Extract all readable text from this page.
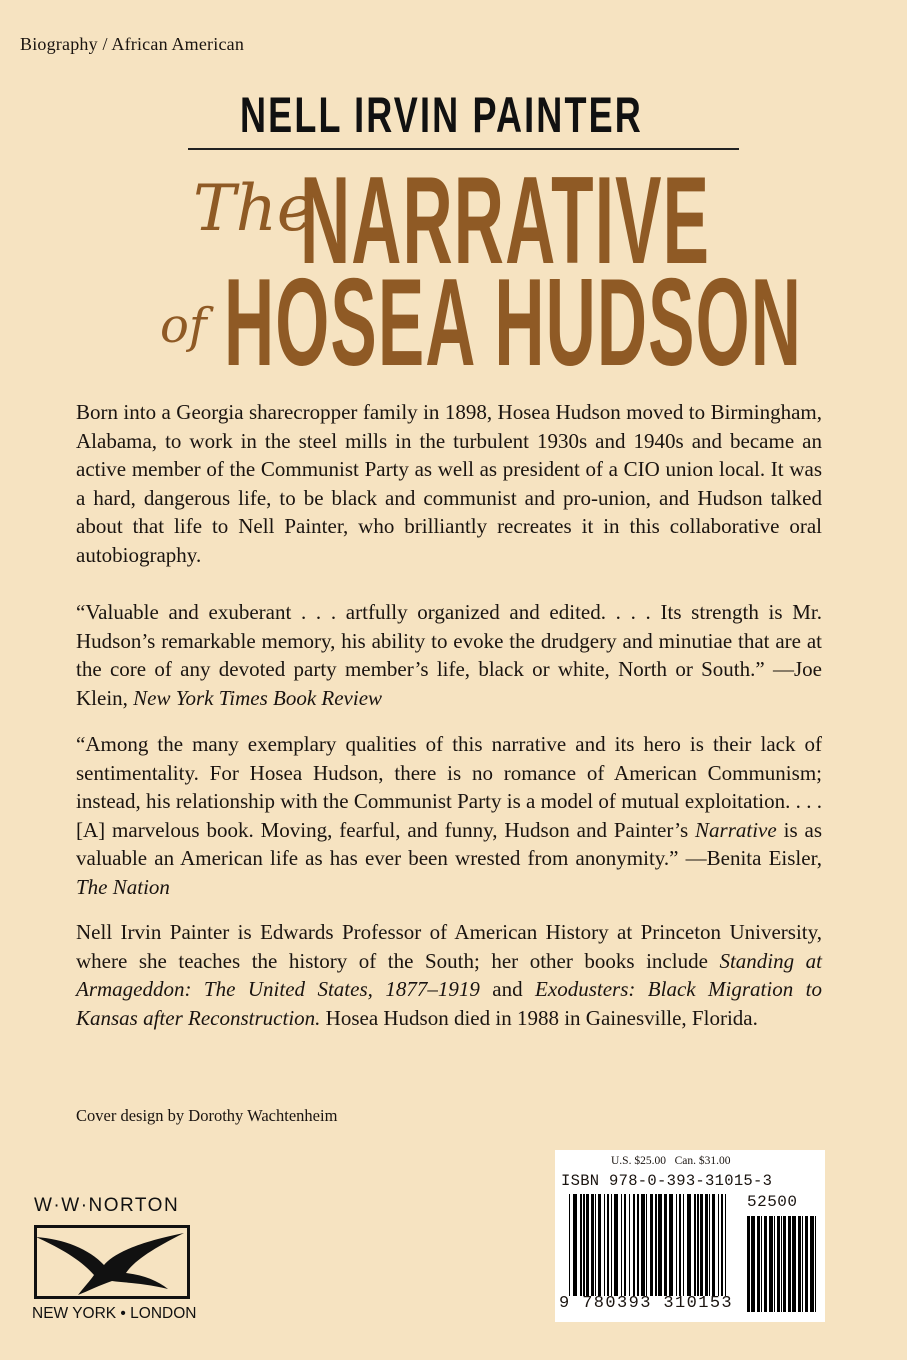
Biography / African American
NELL IRVIN PAINTER
The
NARRATIVE
of HOSEA HUDSON

Born into a Georgia sharecropper family in 1898, Hosea Hudson moved to Birmingham, Alabama, to work in the steel mills in the turbulent 1930s and 1940s and became an active member of the Communist Party as well as president of a CIO union local. It was a hard, dangerous life, to be black and communist and pro-union, and Hudson talked about that life to Nell Painter, who brilliantly recreates it in this collaborative oral autobiography.

“Valuable and exuberant . . . artfully organized and edited. . . . Its strength is Mr. Hudson’s remarkable memory, his ability to evoke the drudgery and minutiae that are at the core of any devoted party member’s life, black or white, North or South.” —Joe Klein, New York Times Book Review

“Among the many exemplary qualities of this narrative and its hero is their lack of sentimentality. For Hosea Hudson, there is no romance of American Communism; instead, his relationship with the Communist Party is a model of mutual exploitation. . . . [A] marvelous book. Moving, fearful, and funny, Hudson and Painter’s Narrative is as valuable an American life as has ever been wrested from anonymity.” —Benita Eisler, The Nation

Nell Irvin Painter is Edwards Professor of American History at Princeton University, where she teaches the history of the South; her other books include Standing at Armageddon: The United States, 1877–1919 and Exodusters: Black Migration to Kansas after Reconstruction. Hosea Hudson died in 1988 in Gainesville, Florida.

Cover design by Dorothy Wachtenheim
W·W·NORTON
NEW YORK • LONDON
U.S. $25.00 Can. $31.00
ISBN 978-0-393-31015-3
52500
9 780393 310153
